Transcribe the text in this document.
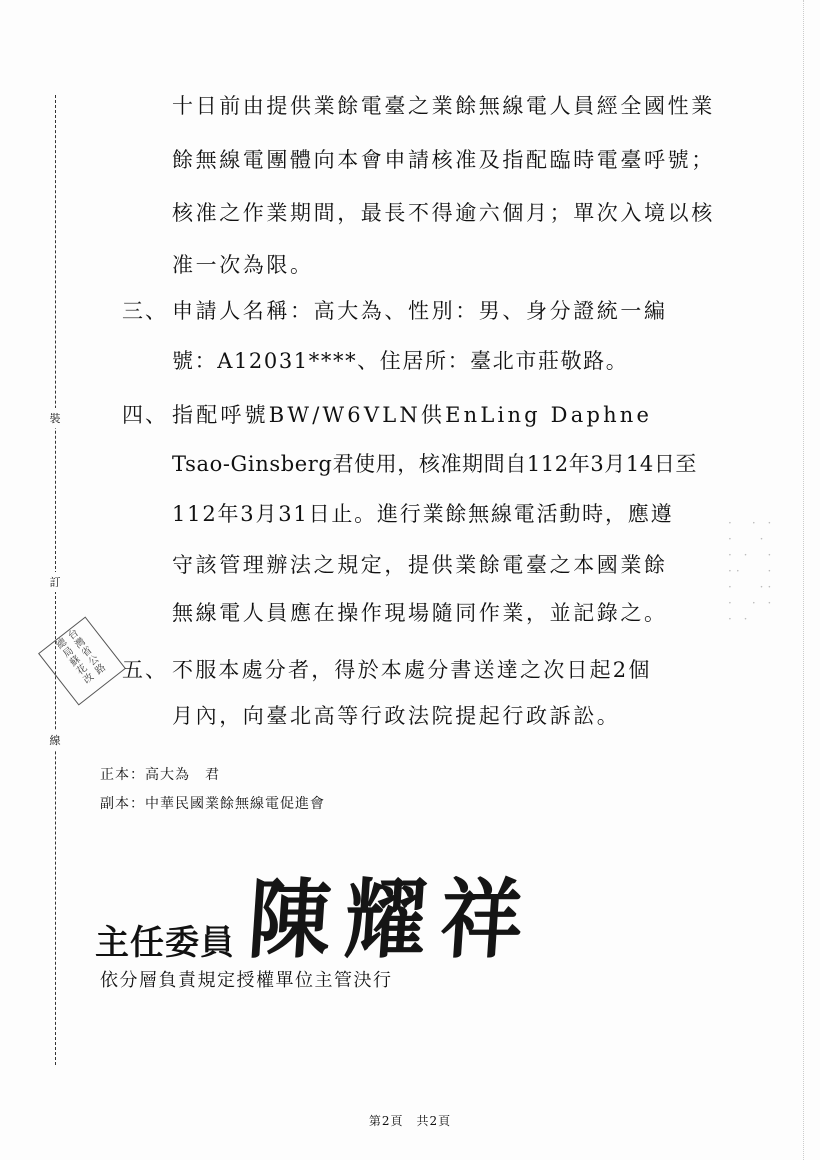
裝
訂
線
台灣省公路總局蘇花改
·　· ·
·　 ·
· ·　·
·· 　·
· 　··
·　· ·
· ·
十日前由提供業餘電臺之業餘無線電人員經全國性業
餘無線電團體向本會申請核准及指配臨時電臺呼號；
核准之作業期間，最長不得逾六個月；單次入境以核
准一次為限。
三、 申請人名稱：高大為、性別：男、身分證統一編
號：A12031****、住居所：臺北市莊敬路。
四、 指配呼號BW/W6VLN供EnLing Daphne
Tsao-Ginsberg君使用，核准期間自112年3月14日至
112年3月31日止。進行業餘無線電活動時，應遵
守該管理辦法之規定，提供業餘電臺之本國業餘
無線電人員應在操作現場隨同作業，並記錄之。
五、 不服本處分者，得於本處分書送達之次日起2個
月內，向臺北高等行政法院提起行政訴訟。
正本：高大為　君
副本：中華民國業餘無線電促進會
主任委員 陳耀祥
依分層負責規定授權單位主管決行
第2頁　共2頁
